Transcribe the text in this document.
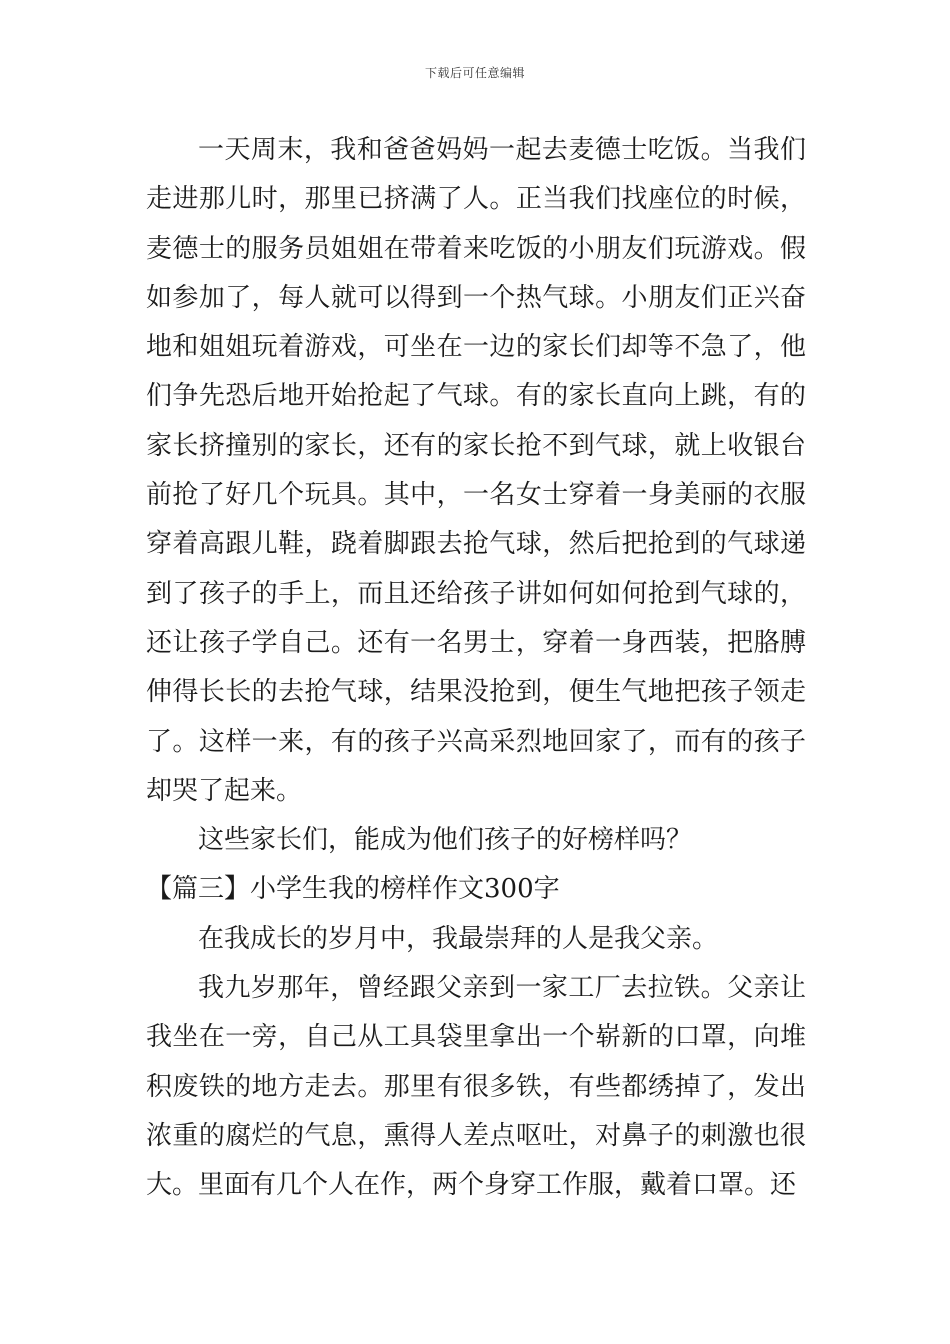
下载后可任意编辑

一天周末，我和爸爸妈妈一起去麦德士吃饭。当我们走进那儿时，那里已挤满了人。正当我们找座位的时候，麦德士的服务员姐姐在带着来吃饭的小朋友们玩游戏。假如参加了，每人就可以得到一个热气球。小朋友们正兴奋地和姐姐玩着游戏，可坐在一边的家长们却等不急了，他们争先恐后地开始抢起了气球。有的家长直向上跳，有的家长挤撞别的家长，还有的家长抢不到气球，就上收银台前抢了好几个玩具。其中，一名女士穿着一身美丽的衣服穿着高跟儿鞋，跷着脚跟去抢气球，然后把抢到的气球递到了孩子的手上，而且还给孩子讲如何如何抢到气球的，还让孩子学自己。还有一名男士，穿着一身西装，把胳膊伸得长长的去抢气球，结果没抢到，便生气地把孩子领走了。这样一来，有的孩子兴高采烈地回家了，而有的孩子却哭了起来。

这些家长们，能成为他们孩子的好榜样吗？

【篇三】小学生我的榜样作文300字

在我成长的岁月中，我最崇拜的人是我父亲。

我九岁那年，曾经跟父亲到一家工厂去拉铁。父亲让我坐在一旁，自己从工具袋里拿出一个崭新的口罩，向堆积废铁的地方走去。那里有很多铁，有些都绣掉了，发出浓重的腐烂的气息，熏得人差点呕吐，对鼻子的刺激也很大。里面有几个人在作，两个身穿工作服，戴着口罩。还
